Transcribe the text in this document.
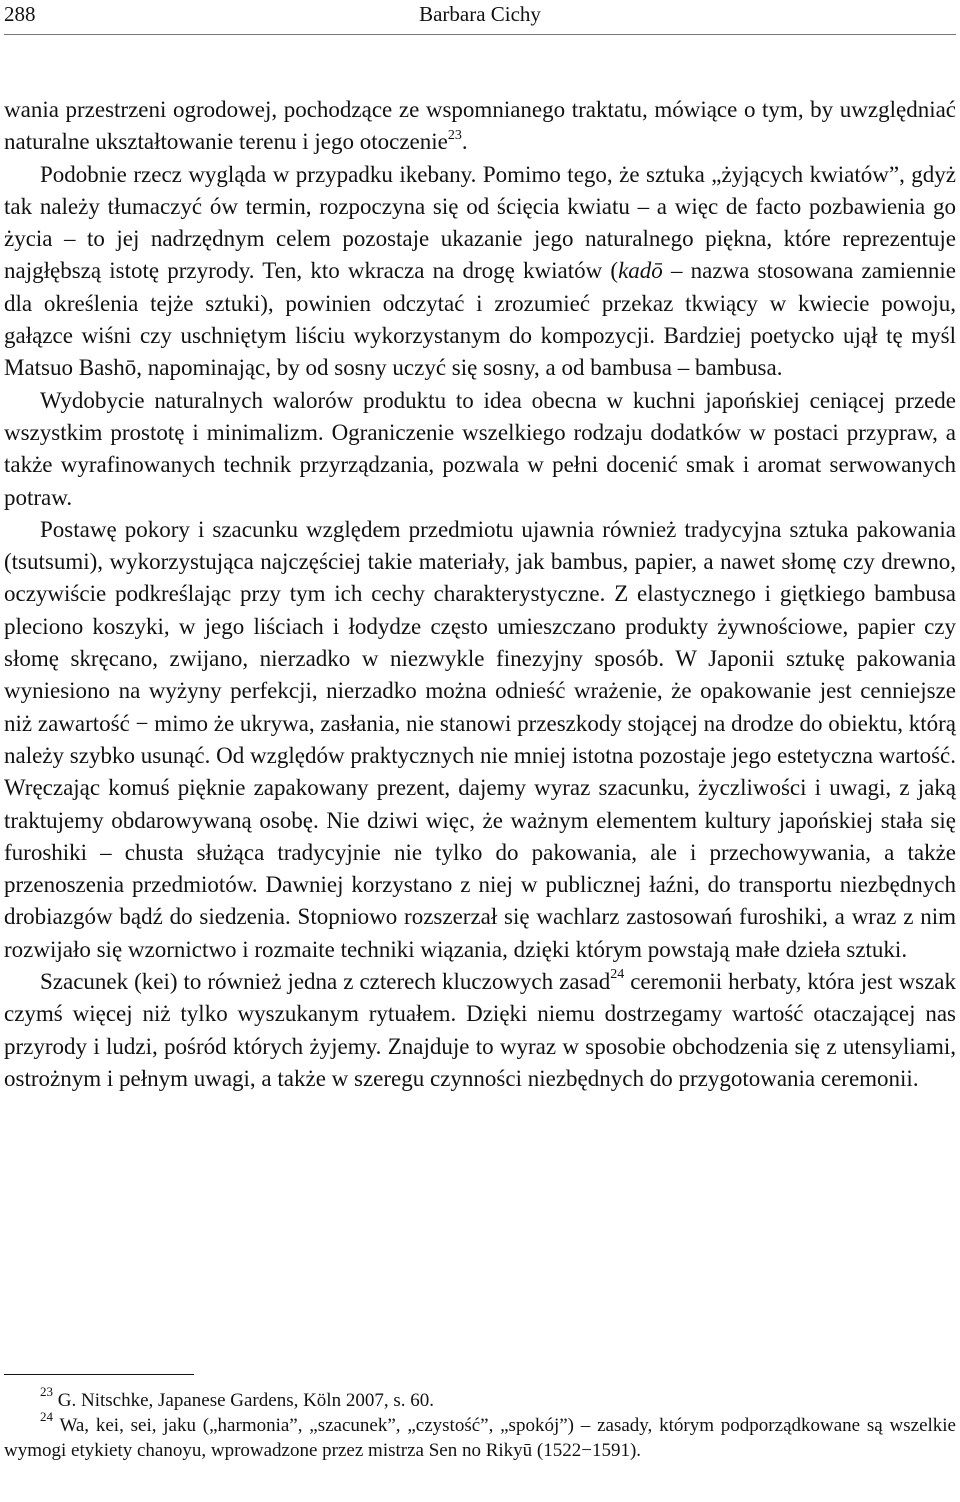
288	Barbara Cichy

wania przestrzeni ogrodowej, pochodzące ze wspomnianego traktatu, mówiące o tym, by uwzględniać naturalne ukształtowanie terenu i jego otoczenie$^{23}$.

Podobnie rzecz wygląda w przypadku ikebany. Pomimo tego, że sztuka „żyjących kwiatów”, gdyż tak należy tłumaczyć ów termin, rozpoczyna się od ścięcia kwiatu – a więc de facto pozbawienia go życia – to jej nadrzędnym celem pozostaje ukazanie jego naturalnego piękna, które reprezentuje najgłębszą istotę przyrody. Ten, kto wkracza na drogę kwiatów (kadō – nazwa stosowana zamiennie dla określenia tejże sztuki), powinien odczytać i zrozumieć przekaz tkwiący w kwiecie powoju, gałązce wiśni czy uschniętym liściu wykorzystanym do kompozycji. Bardziej poetycko ujął tę myśl Matsuo Bashō, napominając, by od sosny uczyć się sosny, a od bambusa – bambusa.

Wydobycie naturalnych walorów produktu to idea obecna w kuchni japońskiej ceniącej przede wszystkim prostotę i minimalizm. Ograniczenie wszelkiego rodzaju dodatków w postaci przypraw, a także wyrafinowanych technik przyrządzania, pozwala w pełni docenić smak i aromat serwowanych potraw.

Postawę pokory i szacunku względem przedmiotu ujawnia również tradycyjna sztuka pakowania (tsutsumi), wykorzystująca najczęściej takie materiały, jak bambus, papier, a nawet słomę czy drewno, oczywiście podkreślając przy tym ich cechy charakterystyczne. Z elastycznego i giętkiego bambusa pleciono koszyki, w jego liściach i łodydze często umieszczano produkty żywnościowe, papier czy słomę skręcano, zwijano, nierzadko w niezwykle finezyjny sposób. W Japonii sztukę pakowania wyniesiono na wyżyny perfekcji, nierzadko można odnieść wrażenie, że opakowanie jest cenniejsze niż zawartość − mimo że ukrywa, zasłania, nie stanowi przeszkody stojącej na drodze do obiektu, którą należy szybko usunąć. Od względów praktycznych nie mniej istotna pozostaje jego estetyczna wartość. Wręczając komuś pięknie zapakowany prezent, dajemy wyraz szacunku, życzliwości i uwagi, z jaką traktujemy obdarowywaną osobę. Nie dziwi więc, że ważnym elementem kultury japońskiej stała się furoshiki – chusta służąca tradycyjnie nie tylko do pakowania, ale i przechowywania, a także przenoszenia przedmiotów. Dawniej korzystano z niej w publicznej łaźni, do transportu niezbędnych drobiazgów bądź do siedzenia. Stopniowo rozszerzał się wachlarz zastosowań furoshiki, a wraz z nim rozwijało się wzornictwo i rozmaite techniki wiązania, dzięki którym powstają małe dzieła sztuki.

Szacunek (kei) to również jedna z czterech kluczowych zasad$^{24}$ ceremonii herbaty, która jest wszak czymś więcej niż tylko wyszukanym rytuałem. Dzięki niemu dostrzegamy wartość otaczającej nas przyrody i ludzi, pośród których żyjemy. Znajduje to wyraz w sposobie obchodzenia się z utensyliami, ostrożnym i pełnym uwagi, a także w szeregu czynności niezbędnych do przygotowania ceremonii.

$^{23}$ G. Nitschke, Japanese Gardens, Köln 2007, s. 60.

$^{24}$ Wa, kei, sei, jaku („harmonia”, „szacunek”, „czystość”, „spokój”) – zasady, którym podporządkowane są wszelkie wymogi etykiety chanoyu, wprowadzone przez mistrza Sen no Rikyū (1522−1591).
